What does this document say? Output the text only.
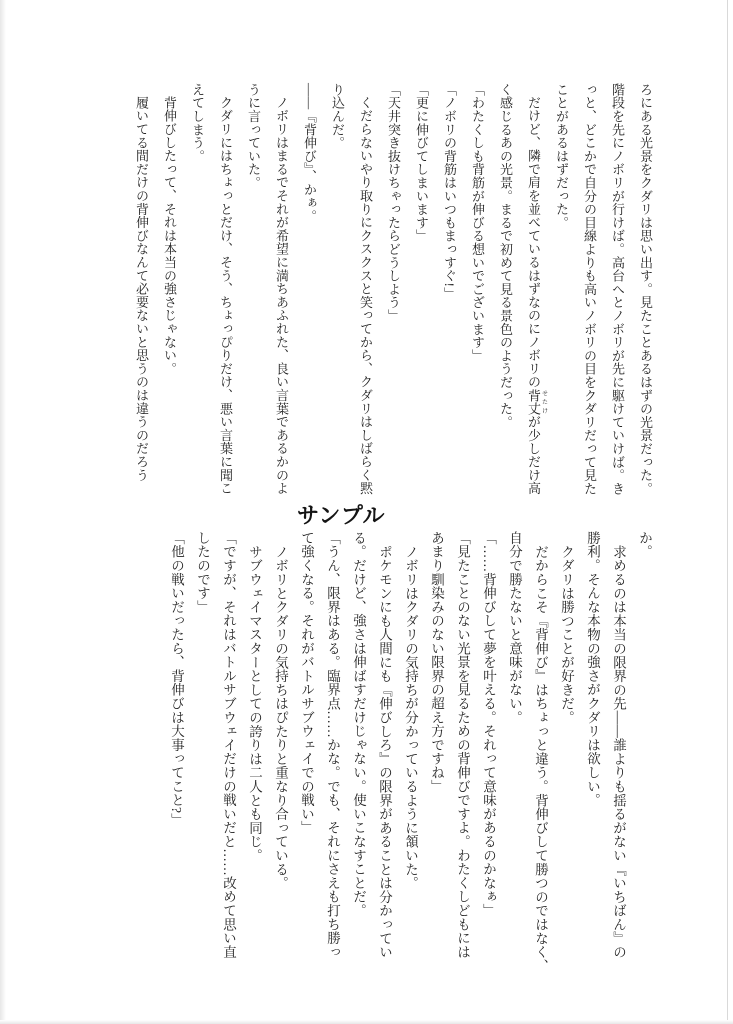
ろにある光景をクダリは思い出す。見たことあるはずの光景だった。

階段を先にノボリが行けば。高台へとノボリが先に駆けていけば。き

っと、どこかで自分の目線よりも高いノボリの目をクダリだって見た

ことがあるはずだった。

だけど、隣で肩を並べているはずなのにノボリの背丈 せたけが少しだけ高

く感じるあの光景。まるで初めて見る景色のようだった。

「わたくしも背筋が伸びる想いでございます」

「ノボリの背筋はいつもまっすぐ!」

「更に伸びてしまいます」

「天井突き抜けちゃったらどうしよう」

くだらないやり取りにクスクスと笑ってから、クダリはしばらく黙

り込んだ。

――『背伸び』、かぁ。

ノボリはまるでそれが希望に満ちあふれた、良い言葉であるかのよ

うに言っていた。

クダリにはちょっとだけ、そう、ちょっぴりだけ、悪い言葉に聞こ

えてしまう。

背伸びしたって、それは本当の強さじゃない。

履いてる間だけの背伸びなんて必要ないと思うのは違うのだろう

サンプル

か。

求めるのは本当の限界の先――誰よりも揺るがない『いちばん』の

勝利。そんな本物の強さがクダリは欲しい。

クダリは勝つことが好きだ。

だからこそ『背伸び』はちょっと違う。背伸びして勝つのではなく、

自分で勝たないと意味がない。

「……背伸びして夢を叶える。それって意味があるのかなぁ」

「見たことのない光景を見るための背伸びですよ。わたくしどもには

あまり馴染みのない限界の超え方ですね」

ノボリはクダリの気持ちが分かっているように頷いた。

ポケモンにも人間にも『伸びしろ』の限界があることは分かってい

る。だけど、強さは伸ばすだけじゃない。使いこなすことだ。

「うん、限界はある。臨界点……かな。でも、それにさえも打ち勝っ

て強くなる。それがバトルサブウェイでの戦い」

ノボリとクダリの気持ちはぴたりと重なり合っている。

サブウェイマスターとしての誇りは二人とも同じ。

「ですが、それはバトルサブウェイだけの戦いだと……改めて思い直

したのです」

「他の戦いだったら、背伸びは大事ってこと?」
